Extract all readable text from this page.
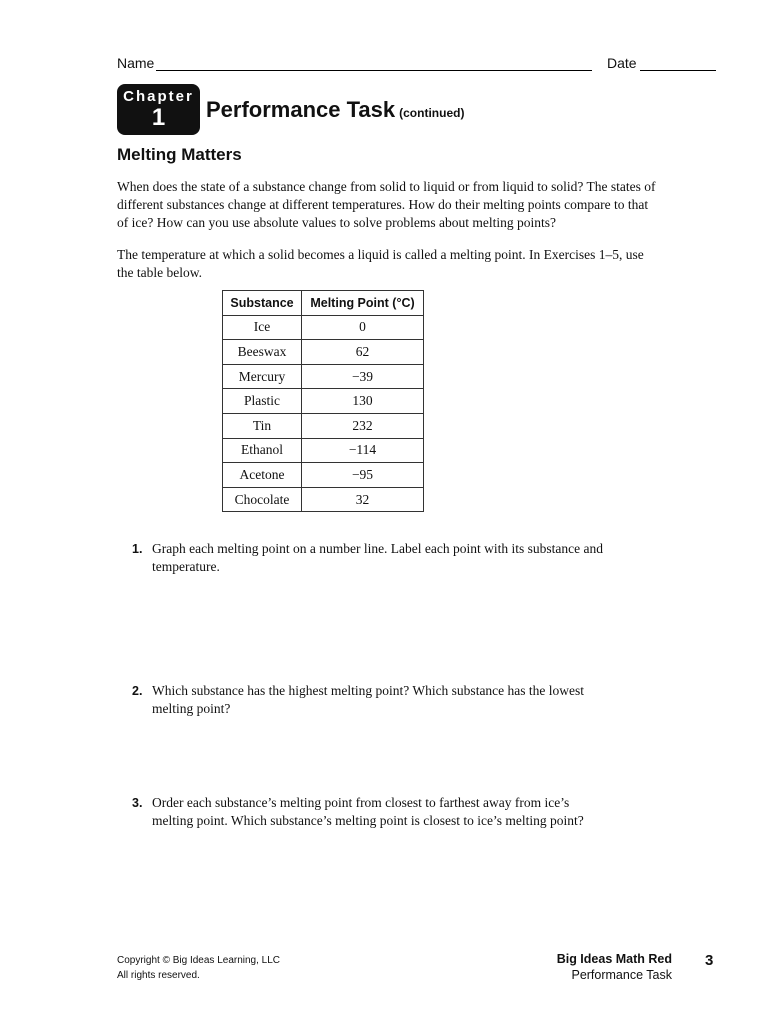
Name	Date
Chapter
1	Performance Task (continued)
Melting Matters
When does the state of a substance change from solid to liquid or from liquid to solid? The states of different substances change at different temperatures. How do their melting points compare to that of ice? How can you use absolute values to solve problems about melting points?
The temperature at which a solid becomes a liquid is called a melting point. In Exercises 1–5, use the table below.
Substance	Melting Point (°C)
Ice	0
Beeswax	62
Mercury	−39
Plastic	130
Tin	232
Ethanol	−114
Acetone	−95
Chocolate	32
1. Graph each melting point on a number line. Label each point with its substance and temperature.
2. Which substance has the highest melting point? Which substance has the lowest melting point?
3. Order each substance’s melting point from closest to farthest away from ice’s melting point. Which substance’s melting point is closest to ice’s melting point?
Copyright © Big Ideas Learning, LLC
All rights reserved.
Big Ideas Math Red
Performance Task
3
